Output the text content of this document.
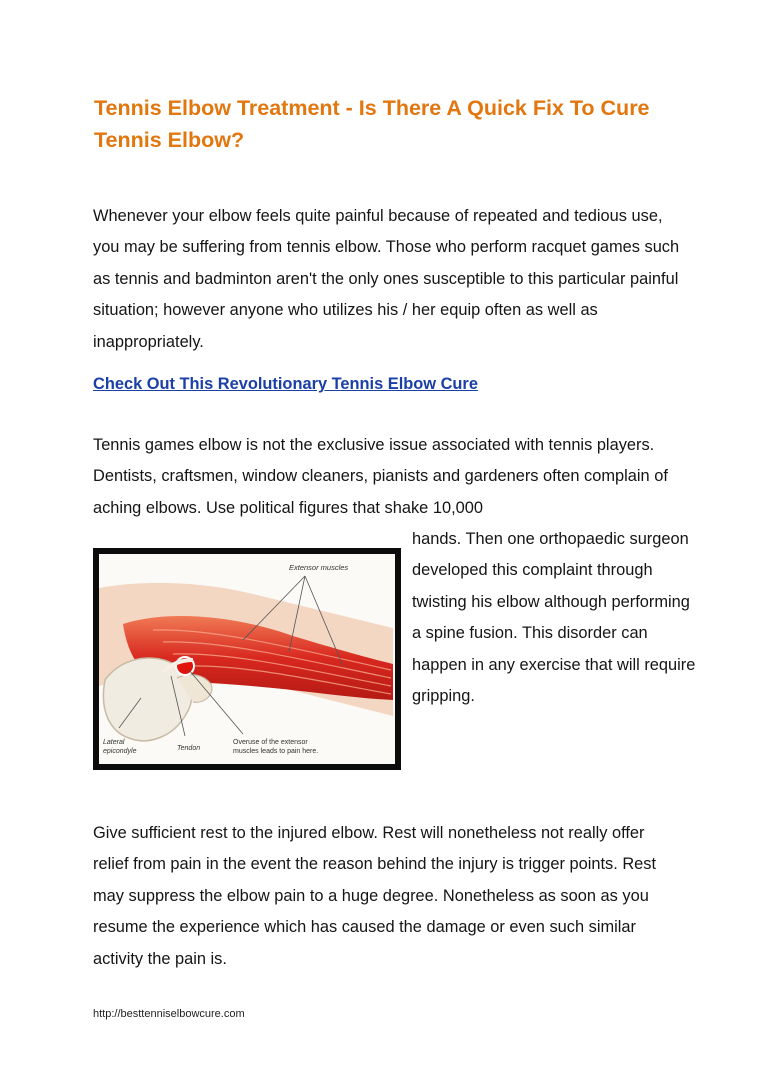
Tennis Elbow Treatment - Is There A Quick Fix To Cure Tennis Elbow?

Whenever your elbow feels quite painful because of repeated and tedious use, you may be suffering from tennis elbow. Those who perform racquet games such as tennis and badminton aren't the only ones susceptible to this particular painful situation; however anyone who utilizes his / her equip often as well as inappropriately.

Check Out This Revolutionary Tennis Elbow Cure

Tennis games elbow is not the exclusive issue associated with tennis players. Dentists, craftsmen, window cleaners, pianists and gardeners often complain of aching elbows. Use political figures that shake 10,000

hands. Then one orthopaedic surgeon developed this complaint through twisting his elbow although performing a spine fusion. This disorder can happen in any exercise that will require gripping.

Extensor muscles
Lateral
epicondyle	Tendon
Overuse of the extensor
muscles leads to pain here.

Give sufficient rest to the injured elbow. Rest will nonetheless not really offer relief from pain in the event the reason behind the injury is trigger points. Rest may suppress the elbow pain to a huge degree. Nonetheless as soon as you resume the experience which has caused the damage or even such similar activity the pain is.

http://besttenniselbowcure.com
